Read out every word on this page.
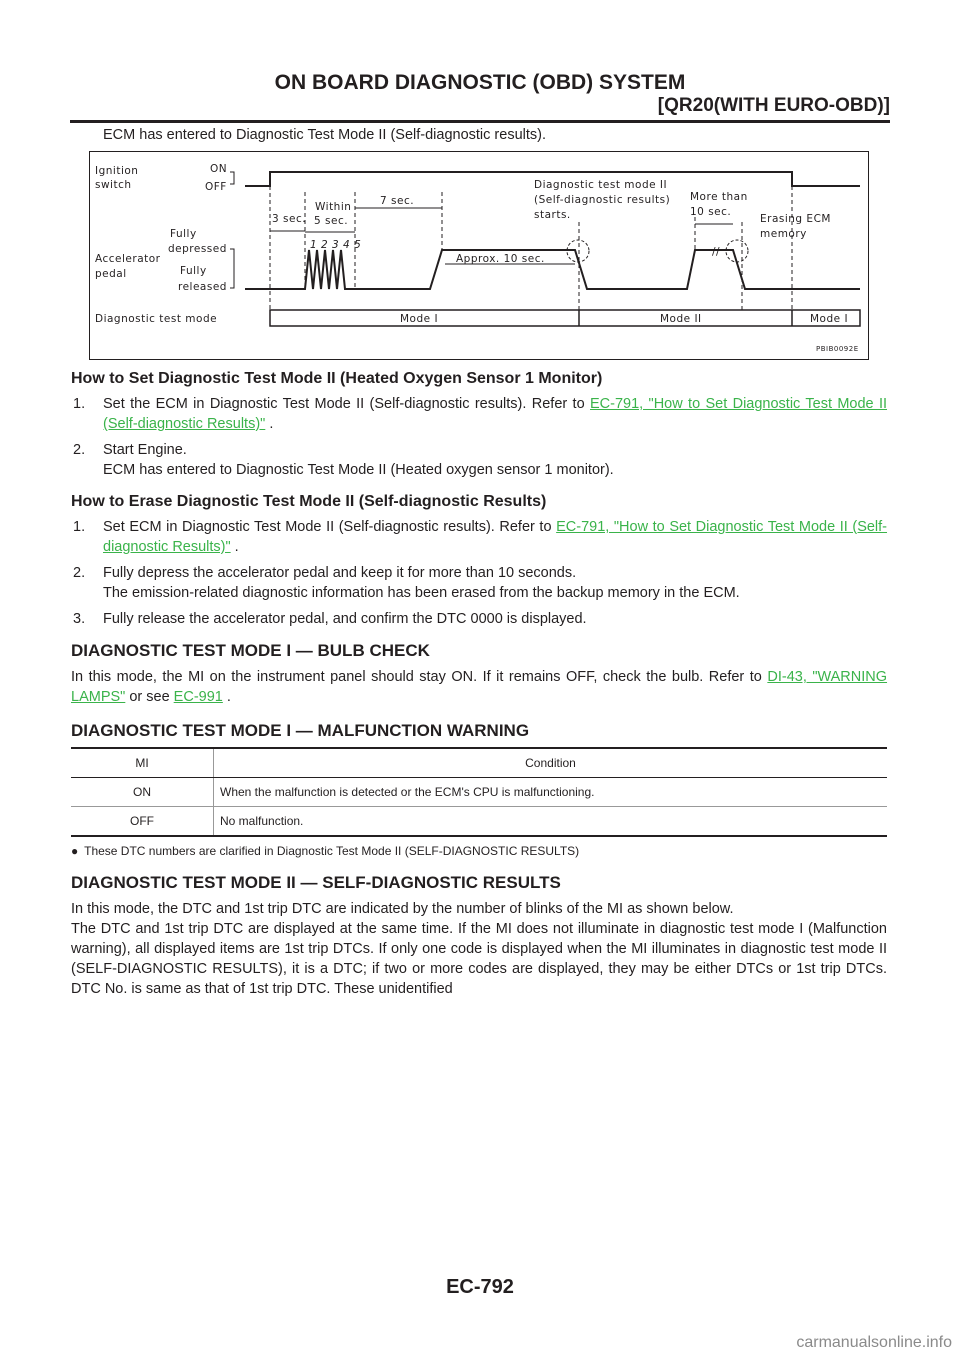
ON BOARD DIAGNOSTIC (OBD) SYSTEM
[QR20(WITH EURO-OBD)]
ECM has entered to Diagnostic Test Mode II (Self-diagnostic results).
Ignition
switch
ON
OFF
Accelerator
pedal
Fully
depressed
Fully
released
Diagnostic test mode
3 sec.
Within
5 sec.
7 sec.
1 2 3 4 5
Approx. 10 sec.
Diagnostic test mode II
(Self-diagnostic results)
starts.
More than
10 sec.
Erasing ECM
memory
//
Mode I	Mode II	Mode I
PBIB0092E
How to Set Diagnostic Test Mode II (Heated Oxygen Sensor 1 Monitor)
1. Set the ECM in Diagnostic Test Mode II (Self-diagnostic results). Refer to EC-791, "How to Set Diagnostic Test Mode II (Self-diagnostic Results)" .
2. Start Engine.
ECM has entered to Diagnostic Test Mode II (Heated oxygen sensor 1 monitor).
How to Erase Diagnostic Test Mode II (Self-diagnostic Results)
1. Set ECM in Diagnostic Test Mode II (Self-diagnostic results). Refer to EC-791, "How to Set Diagnostic Test Mode II (Self-diagnostic Results)" .
2. Fully depress the accelerator pedal and keep it for more than 10 seconds.
The emission-related diagnostic information has been erased from the backup memory in the ECM.
3. Fully release the accelerator pedal, and confirm the DTC 0000 is displayed.
DIAGNOSTIC TEST MODE I — BULB CHECK

In this mode, the MI on the instrument panel should stay ON. If it remains OFF, check the bulb. Refer to DI-43, "WARNING LAMPS" or see EC-991 .

DIAGNOSTIC TEST MODE I — MALFUNCTION WARNING
MI	Condition
ON	When the malfunction is detected or the ECM's CPU is malfunctioning.
OFF	No malfunction.
● These DTC numbers are clarified in Diagnostic Test Mode II (SELF-DIAGNOSTIC RESULTS)
DIAGNOSTIC TEST MODE II — SELF-DIAGNOSTIC RESULTS

In this mode, the DTC and 1st trip DTC are indicated by the number of blinks of the MI as shown below.

The DTC and 1st trip DTC are displayed at the same time. If the MI does not illuminate in diagnostic test mode I (Malfunction warning), all displayed items are 1st trip DTCs. If only one code is displayed when the MI illuminates in diagnostic test mode II (SELF-DIAGNOSTIC RESULTS), it is a DTC; if two or more codes are displayed, they may be either DTCs or 1st trip DTCs. DTC No. is same as that of 1st trip DTC. These unidentified

EC-792
carmanualsonline.info
